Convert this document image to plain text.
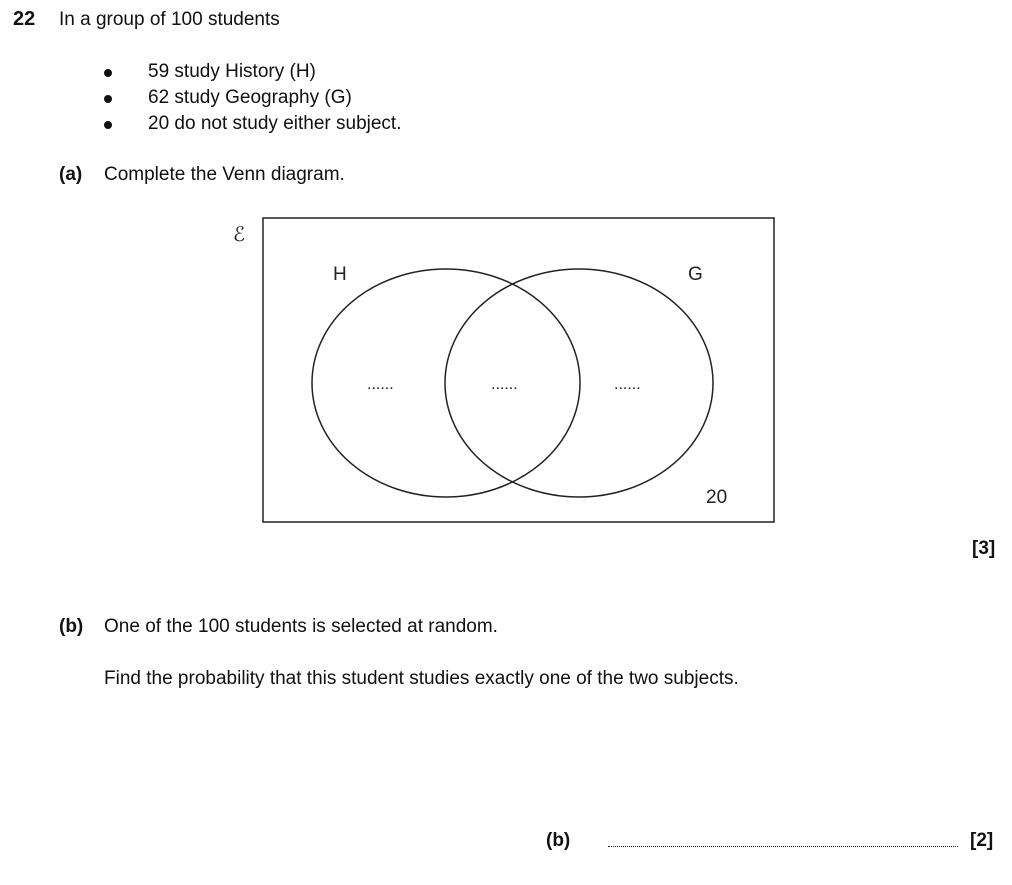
22 In a group of 100 students
59 study History (H)
62 study Geography (G)
20 do not study either subject.
(a) Complete the Venn diagram.
ℰ
H	G
......	......	......
20
[3]
(b) One of the 100 students is selected at random.
Find the probability that this student studies exactly one of the two subjects.
(b)	[2]
